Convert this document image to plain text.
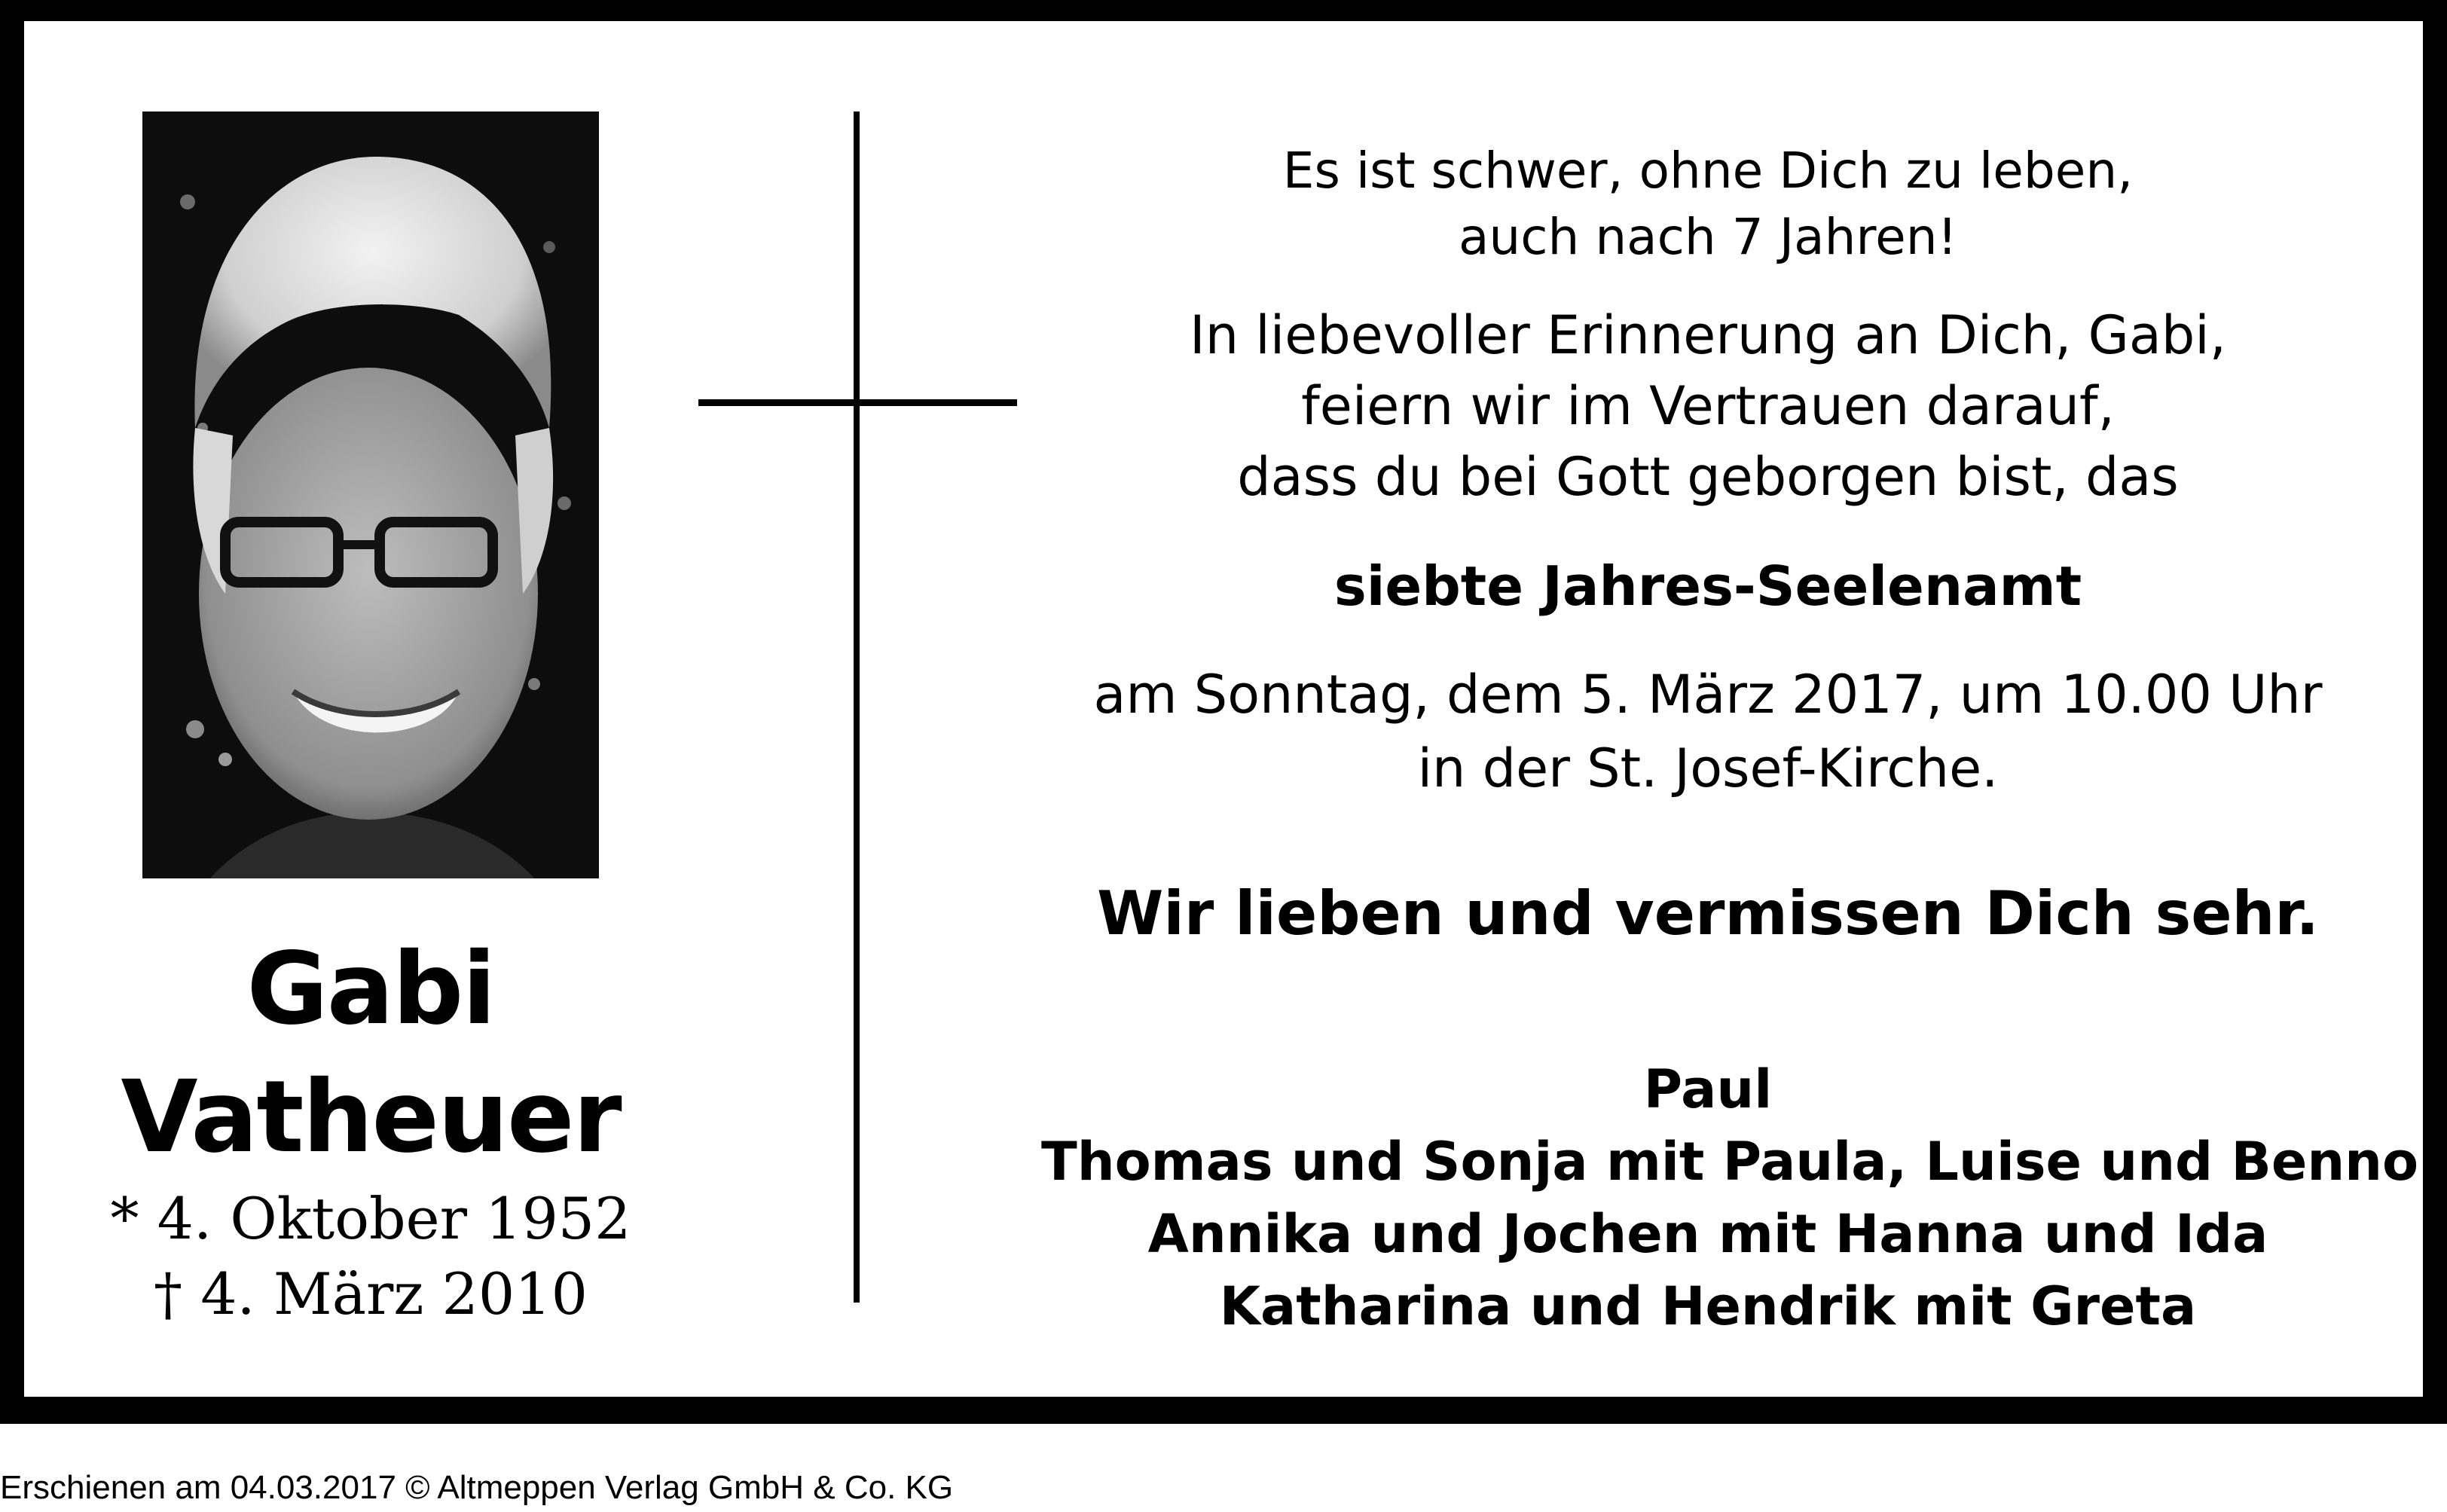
Gabi
Vatheuer
* 4. Oktober 1952
† 4. März 2010
Es ist schwer, ohne Dich zu leben,
auch nach 7 Jahren!
In liebevoller Erinnerung an Dich, Gabi,
feiern wir im Vertrauen darauf,
dass du bei Gott geborgen bist, das
siebte Jahres-Seelenamt
am Sonntag, dem 5. März 2017, um 10.00 Uhr
in der St. Josef-Kirche.
Wir lieben und vermissen Dich sehr.
Paul
Thomas und Sonja mit Paula, Luise und Benno
Annika und Jochen mit Hanna und Ida
Katharina und Hendrik mit Greta
Erschienen am 04.03.2017 © Altmeppen Verlag GmbH & Co. KG
